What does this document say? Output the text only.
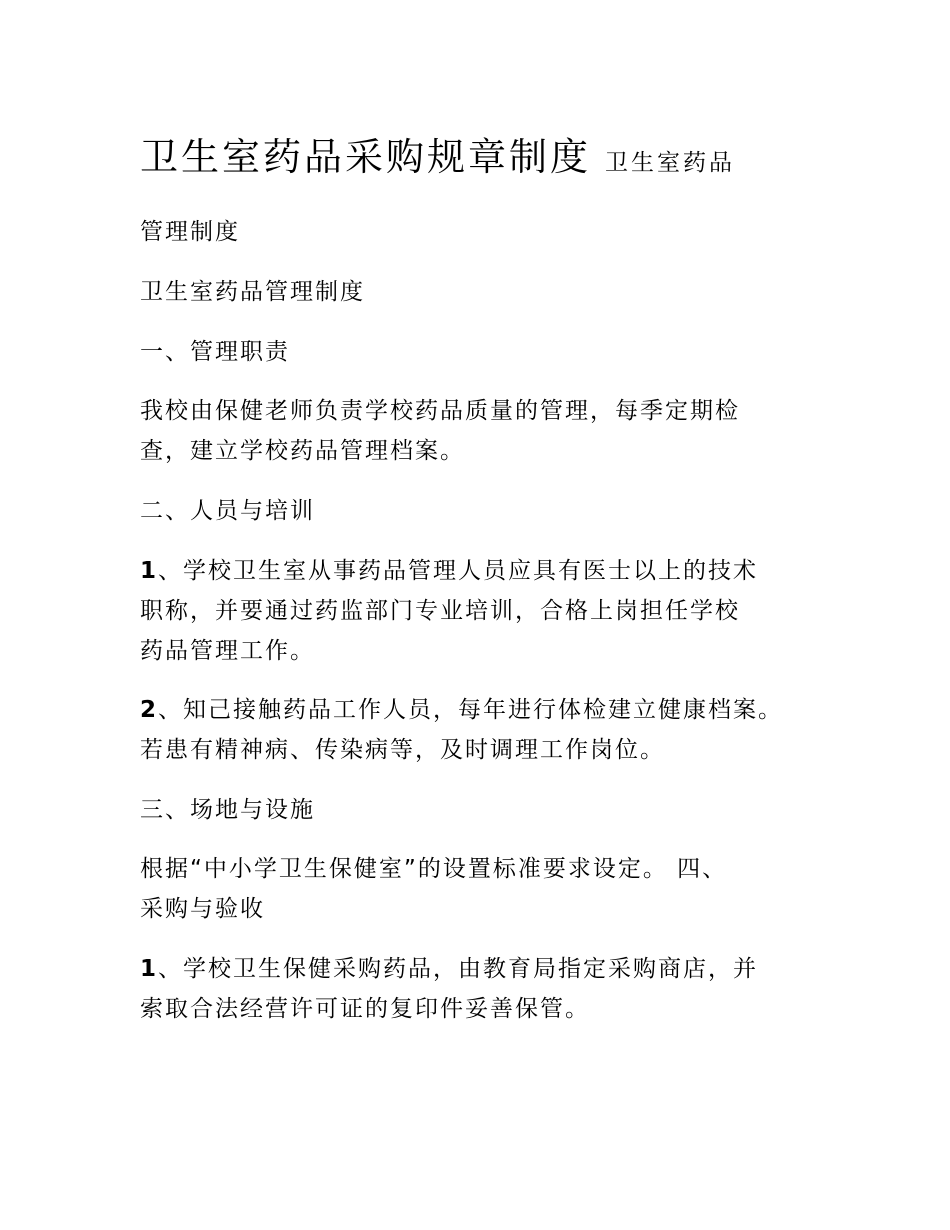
卫生室药品采购规章制度 卫生室药品
管理制度
卫生室药品管理制度
一、管理职责
我校由保健老师负责学校药品质量的管理，每季定期检
查，建立学校药品管理档案。
二、人员与培训
1、学校卫生室从事药品管理人员应具有医士以上的技术
职称，并要通过药监部门专业培训，合格上岗担任学校
药品管理工作。
2、知己接触药品工作人员，每年进行体检建立健康档案。
若患有精神病、传染病等，及时调理工作岗位。
三、场地与设施
根据“中小学卫生保健室”的设置标准要求设定。 四、
采购与验收
1、学校卫生保健采购药品，由教育局指定采购商店，并
索取合法经营许可证的复印件妥善保管。
